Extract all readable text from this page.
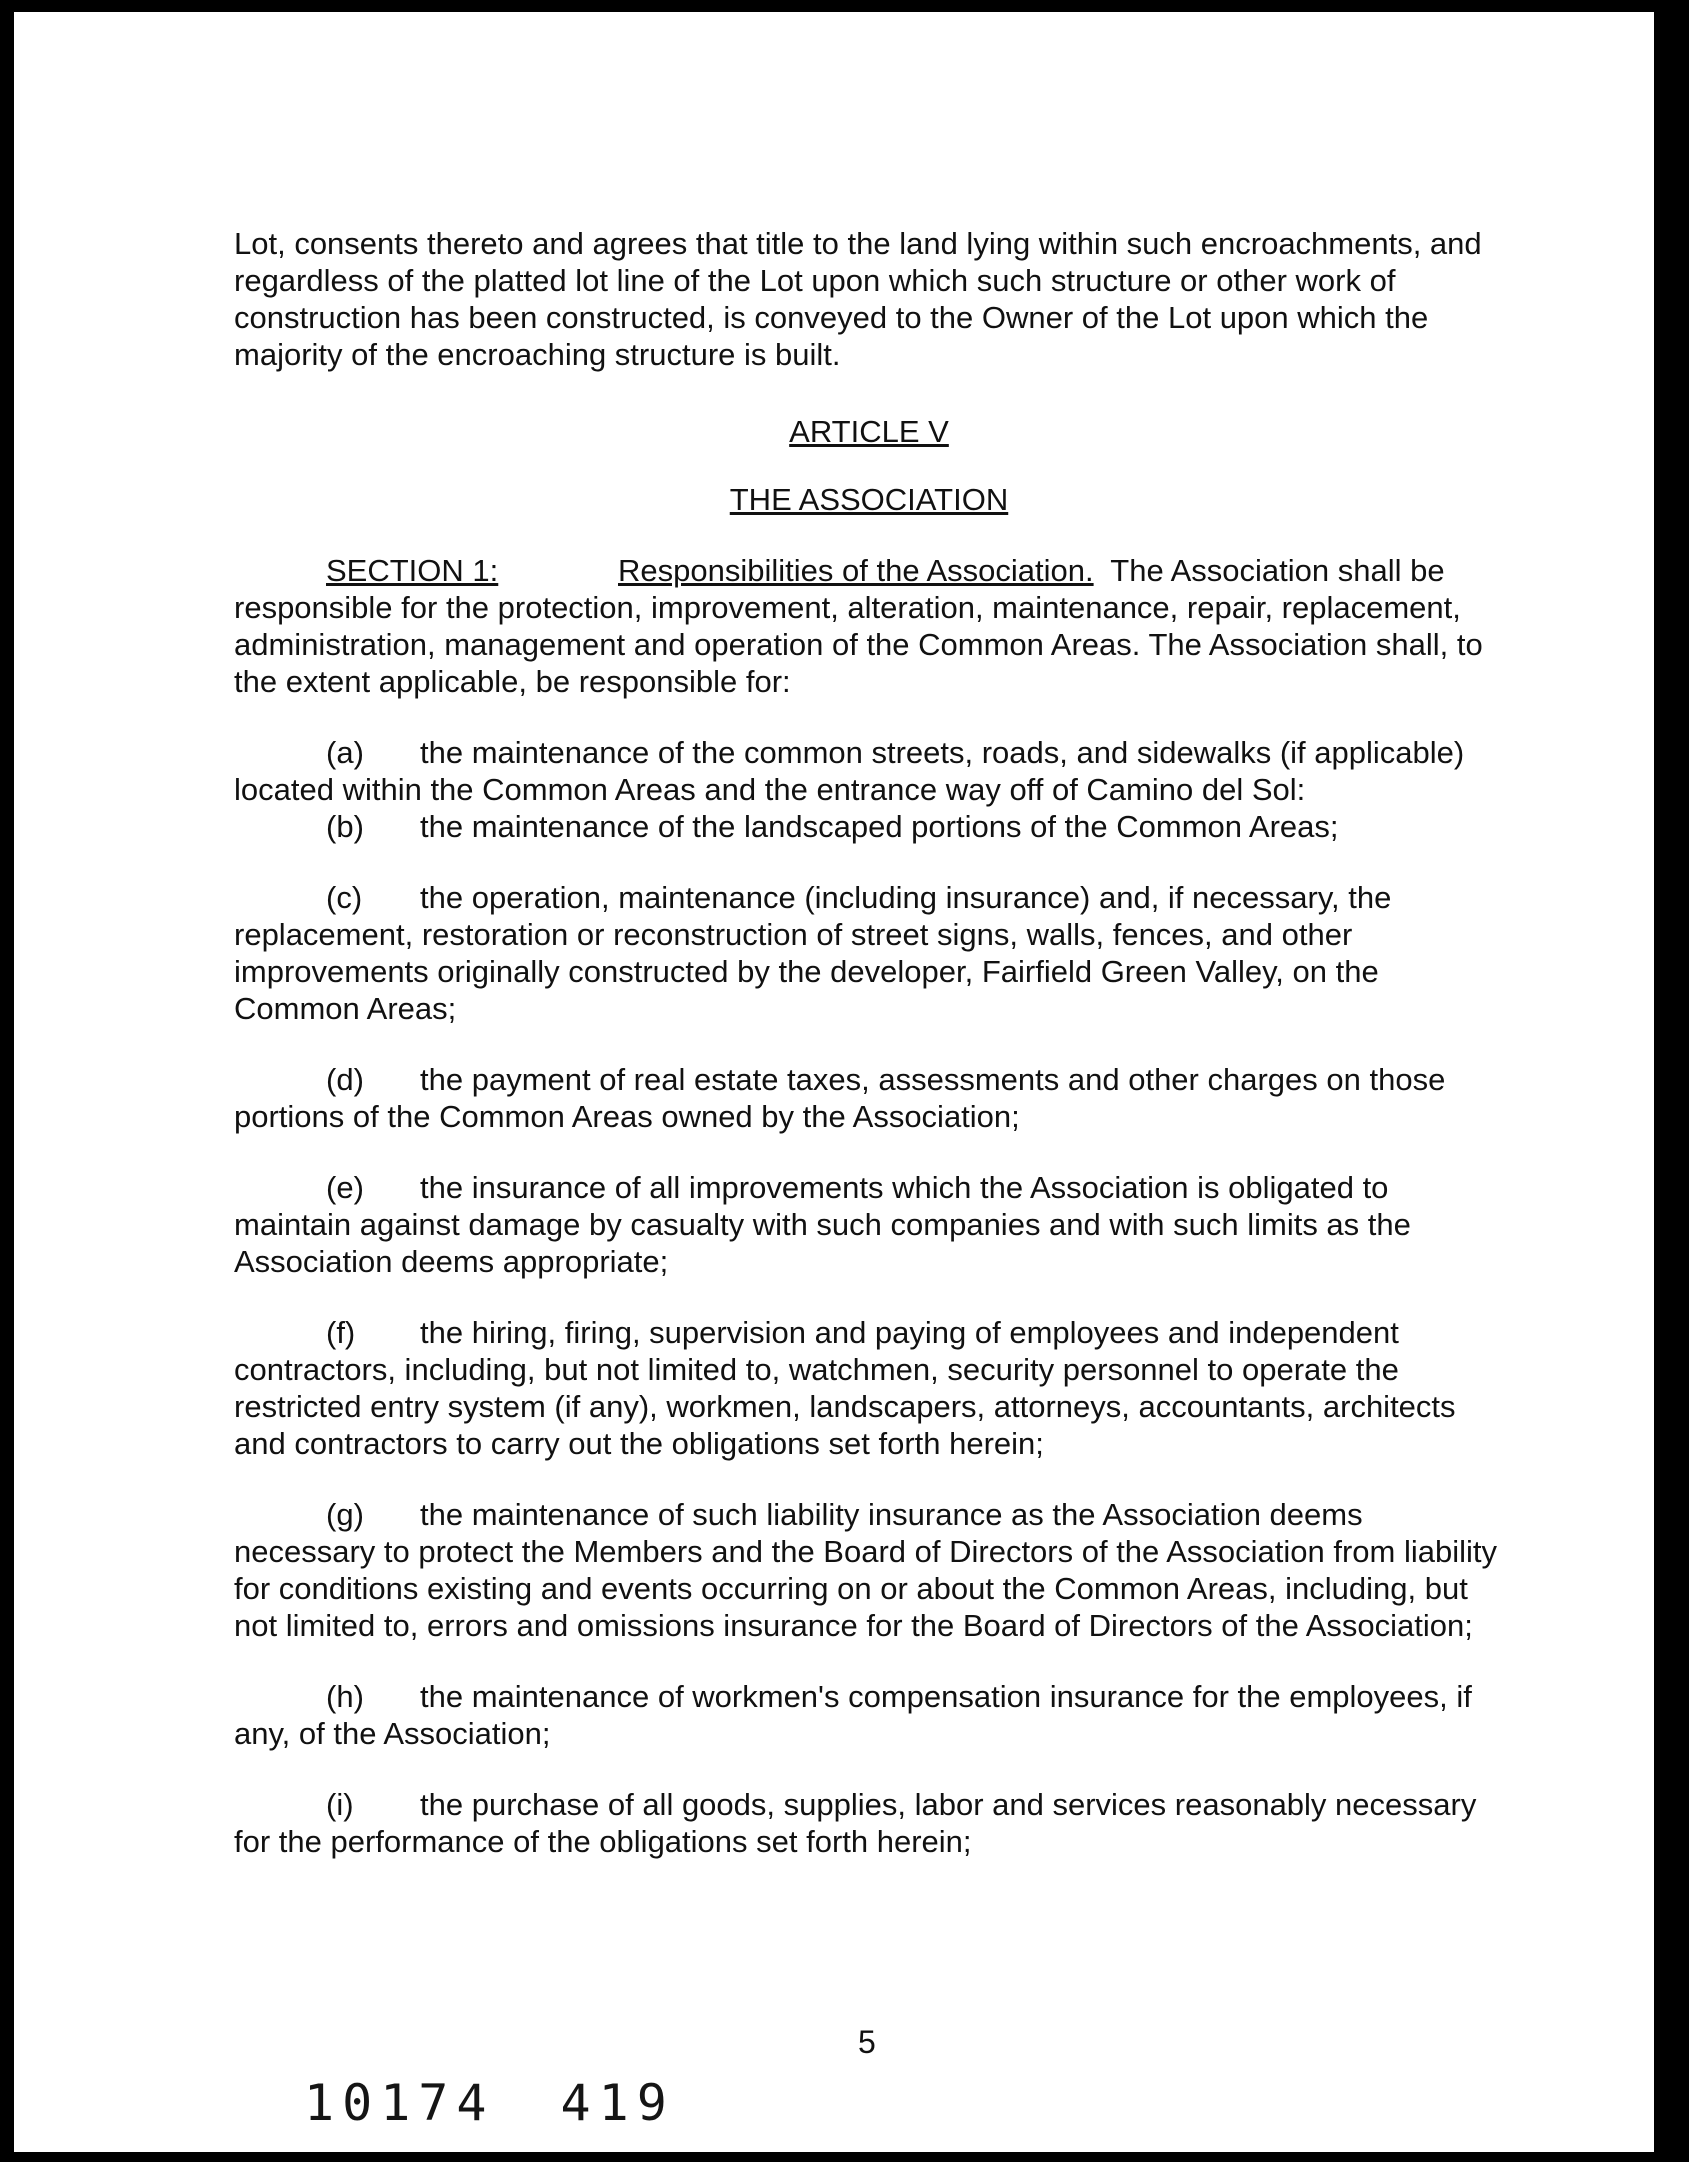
Lot, consents thereto and agrees that title to the land lying within such encroachments, and regardless of the platted lot line of the Lot upon which such structure or other work of construction has been constructed, is conveyed to the Owner of the Lot upon which the majority of the encroaching structure is built.

ARTICLE V

THE ASSOCIATION

SECTION 1:	Responsibilities of the Association. The Association shall be responsible for the protection, improvement, alteration, maintenance, repair, replacement, administration, management and operation of the Common Areas. The Association shall, to the extent applicable, be responsible for:

(a) the maintenance of the common streets, roads, and sidewalks (if applicable) located within the Common Areas and the entrance way off of Camino del Sol:

(b) the maintenance of the landscaped portions of the Common Areas;

(c) the operation, maintenance (including insurance) and, if necessary, the replacement, restoration or reconstruction of street signs, walls, fences, and other improvements originally constructed by the developer, Fairfield Green Valley, on the Common Areas;

(d) the payment of real estate taxes, assessments and other charges on those portions of the Common Areas owned by the Association;

(e) the insurance of all improvements which the Association is obligated to maintain against damage by casualty with such companies and with such limits as the Association deems appropriate;

(f) the hiring, firing, supervision and paying of employees and independent contractors, including, but not limited to, watchmen, security personnel to operate the restricted entry system (if any), workmen, landscapers, attorneys, accountants, architects and contractors to carry out the obligations set forth herein;

(g) the maintenance of such liability insurance as the Association deems necessary to protect the Members and the Board of Directors of the Association from liability for conditions existing and events occurring on or about the Common Areas, including, but not limited to, errors and omissions insurance for the Board of Directors of the Association;

(h) the maintenance of workmen's compensation insurance for the employees, if any, of the Association;

(i) the purchase of all goods, supplies, labor and services reasonably necessary for the performance of the obligations set forth herein;

5
10174 419
